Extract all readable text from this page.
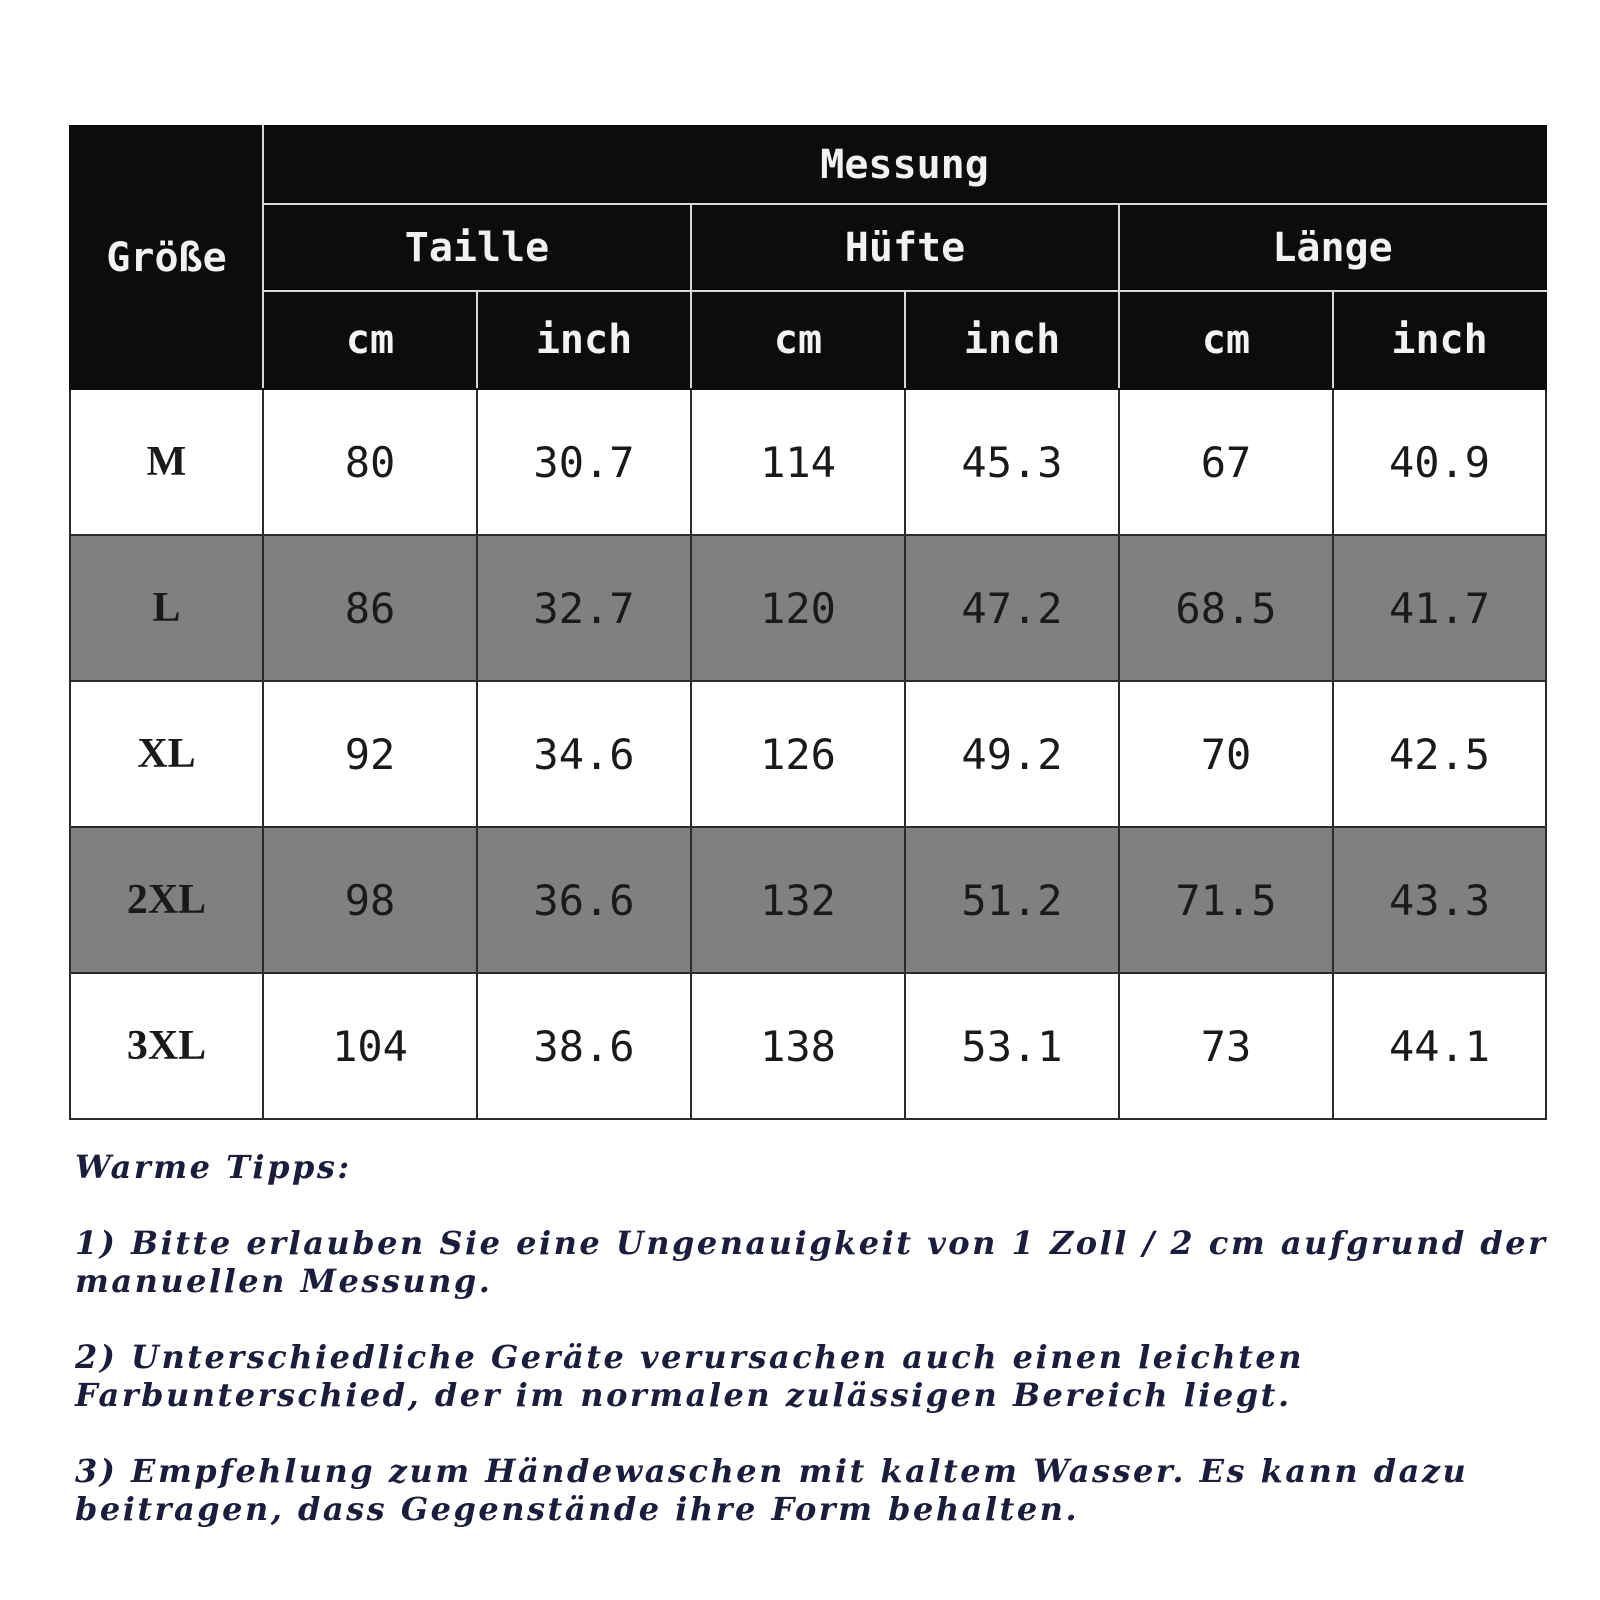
Größe	Messung					
	Taille		Hüfte		Länge	
	cm	inch	cm	inch	cm	inch
M	80	30.7	114	45.3	67	40.9
L	86	32.7	120	47.2	68.5	41.7
XL	92	34.6	126	49.2	70	42.5
2XL	98	36.6	132	51.2	71.5	43.3
3XL	104	38.6	138	53.1	73	44.1
Warme Tipps:
1) Bitte erlauben Sie eine Ungenauigkeit von 1 Zoll / 2 cm aufgrund der manuellen Messung.
2) Unterschiedliche Geräte verursachen auch einen leichten Farbunterschied, der im normalen zulässigen Bereich liegt.
3) Empfehlung zum Händewaschen mit kaltem Wasser. Es kann dazu beitragen, dass Gegenstände ihre Form behalten.
